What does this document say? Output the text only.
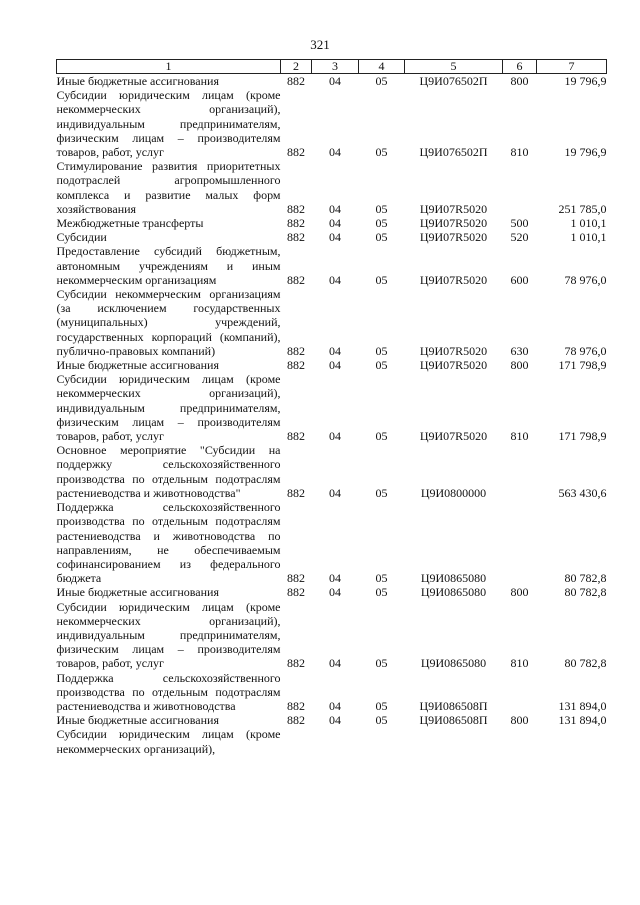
321
1	2	3	4	5	6	7
Иные бюджетные ассигнования	882	04	05	Ц9И076502П	800	19 796,9
Субсидии юридическим лицам (кроме некоммерческих организаций), индивидуальным предпринимателям, физическим лицам – производителям товаров, работ, услуг	882	04	05	Ц9И076502П	810	19 796,9
Стимулирование развития приоритетных подотраслей агропромышленного комплекса и развитие малых форм хозяйствования	882	04	05	Ц9И07R5020		251 785,0
Межбюджетные трансферты	882	04	05	Ц9И07R5020	500	1 010,1
Субсидии	882	04	05	Ц9И07R5020	520	1 010,1
Предоставление субсидий бюджетным, автономным учреждениям и иным некоммерческим организациям	882	04	05	Ц9И07R5020	600	78 976,0
Субсидии некоммерческим организациям (за исключением государственных (муниципальных) учреждений, государственных корпораций (компаний), публично-правовых компаний)	882	04	05	Ц9И07R5020	630	78 976,0
Иные бюджетные ассигнования	882	04	05	Ц9И07R5020	800	171 798,9
Субсидии юридическим лицам (кроме некоммерческих организаций), индивидуальным предпринимателям, физическим лицам – производителям товаров, работ, услуг	882	04	05	Ц9И07R5020	810	171 798,9
Основное мероприятие "Субсидии на поддержку сельскохозяйственного производства по отдельным подотраслям растениеводства и животноводства"	882	04	05	Ц9И0800000		563 430,6
Поддержка сельскохозяйственного производства по отдельным подотраслям растениеводства и животноводства по направлениям, не обеспечиваемым софинансированием из федерального бюджета	882	04	05	Ц9И0865080		80 782,8
Иные бюджетные ассигнования	882	04	05	Ц9И0865080	800	80 782,8
Субсидии юридическим лицам (кроме некоммерческих организаций), индивидуальным предпринимателям, физическим лицам – производителям товаров, работ, услуг	882	04	05	Ц9И0865080	810	80 782,8
Поддержка сельскохозяйственного производства по отдельным подотраслям растениеводства и животноводства	882	04	05	Ц9И086508П		131 894,0
Иные бюджетные ассигнования	882	04	05	Ц9И086508П	800	131 894,0
Субсидии юридическим лицам (кроме некоммерческих организаций),						
